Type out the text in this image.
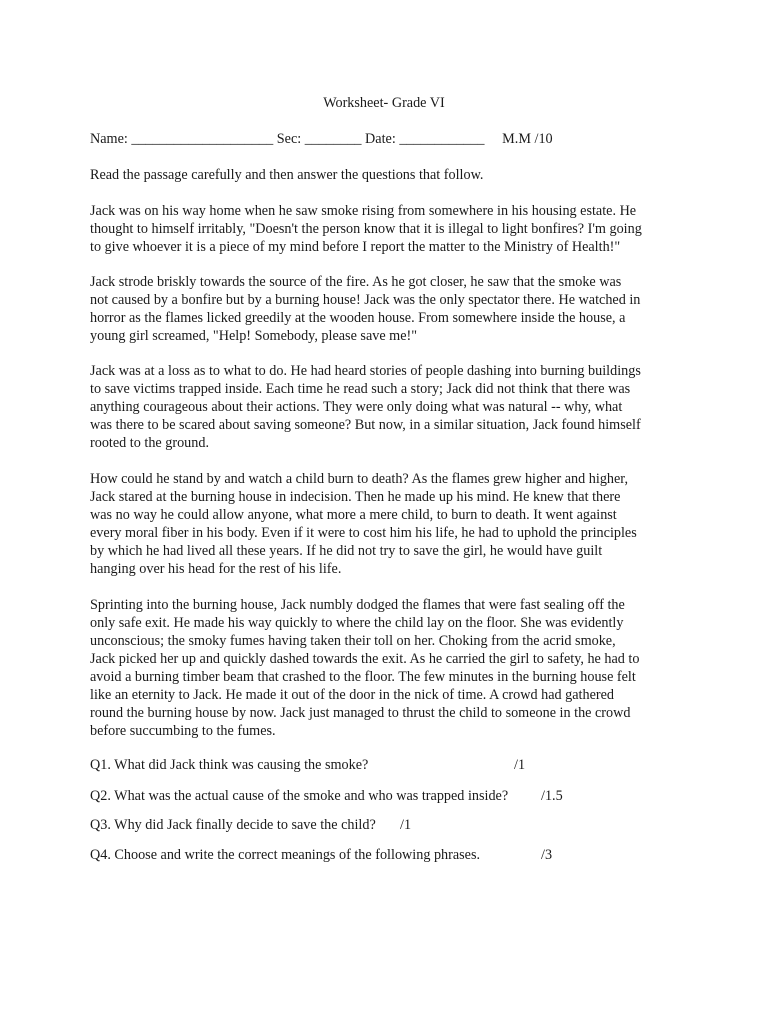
Worksheet- Grade VI
Name: ____________________ Sec: ________ Date: ____________     M.M /10
Read the passage carefully and then answer the questions that follow.
Jack was on his way home when he saw smoke rising from somewhere in his housing estate. He
thought to himself irritably, "Doesn't the person know that it is illegal to light bonfires? I'm going
to give whoever it is a piece of my mind before I report the matter to the Ministry of Health!"
Jack strode briskly towards the source of the fire. As he got closer, he saw that the smoke was
not caused by a bonfire but by a burning house! Jack was the only spectator there. He watched in
horror as the flames licked greedily at the wooden house. From somewhere inside the house, a
young girl screamed, "Help! Somebody, please save me!"
Jack was at a loss as to what to do. He had heard stories of people dashing into burning buildings
to save victims trapped inside. Each time he read such a story; Jack did not think that there was
anything courageous about their actions. They were only doing what was natural -- why, what
was there to be scared about saving someone? But now, in a similar situation, Jack found himself
rooted to the ground.
How could he stand by and watch a child burn to death? As the flames grew higher and higher,
Jack stared at the burning house in indecision. Then he made up his mind. He knew that there
was no way he could allow anyone, what more a mere child, to burn to death. It went against
every moral fiber in his body. Even if it were to cost him his life, he had to uphold the principles
by which he had lived all these years. If he did not try to save the girl, he would have guilt
hanging over his head for the rest of his life.
Sprinting into the burning house, Jack numbly dodged the flames that were fast sealing off the
only safe exit. He made his way quickly to where the child lay on the floor. She was evidently
unconscious; the smoky fumes having taken their toll on her. Choking from the acrid smoke,
Jack picked her up and quickly dashed towards the exit. As he carried the girl to safety, he had to
avoid a burning timber beam that crashed to the floor. The few minutes in the burning house felt
like an eternity to Jack. He made it out of the door in the nick of time. A crowd had gathered
round the burning house by now. Jack just managed to thrust the child to someone in the crowd
before succumbing to the fumes.
Q1. What did Jack think was causing the smoke?	/1
Q2. What was the actual cause of the smoke and who was trapped inside? /1.5
Q3. Why did Jack finally decide to save the child? /1
Q4. Choose and write the correct meanings of the following phrases.	/3
